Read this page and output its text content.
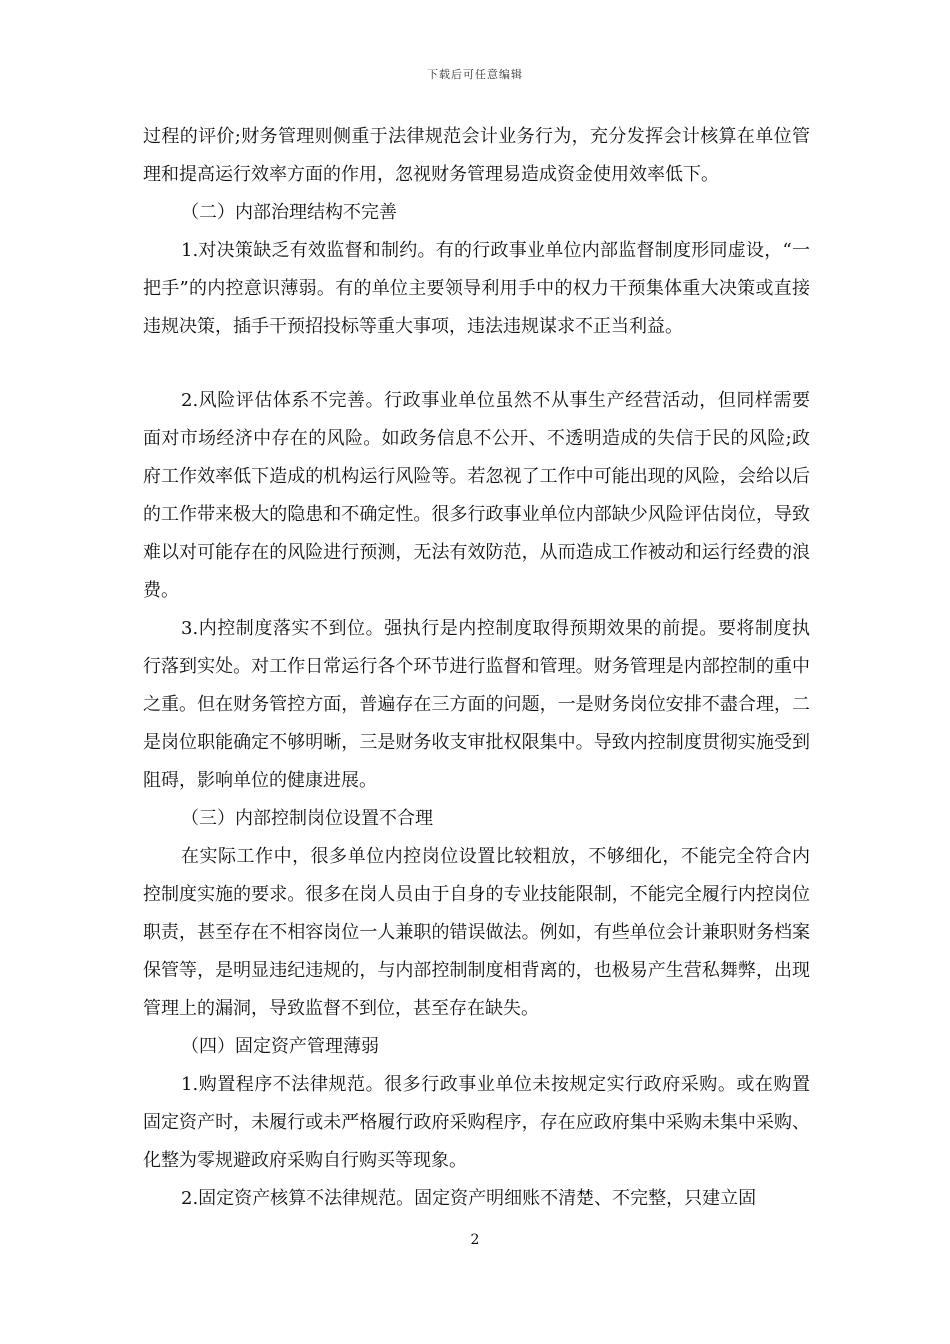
下载后可任意编辑

过程的评价;财务管理则侧重于法律规范会计业务行为，充分发挥会计核算在单位管理和提高运行效率方面的作用，忽视财务管理易造成资金使用效率低下。

（二）内部治理结构不完善

1.对决策缺乏有效监督和制约。有的行政事业单位内部监督制度形同虚设，“一把手”的内控意识薄弱。有的单位主要领导利用手中的权力干预集体重大决策或直接违规决策，插手干预招投标等重大事项，违法违规谋求不正当利益。

2.风险评估体系不完善。行政事业单位虽然不从事生产经营活动，但同样需要面对市场经济中存在的风险。如政务信息不公开、不透明造成的失信于民的风险;政府工作效率低下造成的机构运行风险等。若忽视了工作中可能出现的风险，会给以后的工作带来极大的隐患和不确定性。很多行政事业单位内部缺少风险评估岗位，导致难以对可能存在的风险进行预测，无法有效防范，从而造成工作被动和运行经费的浪费。

3.内控制度落实不到位。强执行是内控制度取得预期效果的前提。要将制度执行落到实处。对工作日常运行各个环节进行监督和管理。财务管理是内部控制的重中之重。但在财务管控方面，普遍存在三方面的问题，一是财务岗位安排不盡合理，二是岗位职能确定不够明晰，三是财务收支审批权限集中。导致内控制度贯彻实施受到阻碍，影响单位的健康进展。

（三）内部控制岗位设置不合理

在实际工作中，很多单位内控岗位设置比较粗放，不够细化，不能完全符合内控制度实施的要求。很多在岗人员由于自身的专业技能限制，不能完全履行内控岗位职责，甚至存在不相容岗位一人兼职的错误做法。例如，有些单位会计兼职财务档案保管等，是明显违纪违规的，与内部控制制度相背离的，也极易产生营私舞弊，出现管理上的漏洞，导致监督不到位，甚至存在缺失。

（四）固定资产管理薄弱

1.购置程序不法律规范。很多行政事业单位未按规定实行政府采购。或在购置固定资产时，未履行或未严格履行政府采购程序，存在应政府集中采购未集中采购、化整为零规避政府采购自行购买等现象。

2.固定资产核算不法律规范。固定资产明细账不清楚、不完整，只建立固

2
